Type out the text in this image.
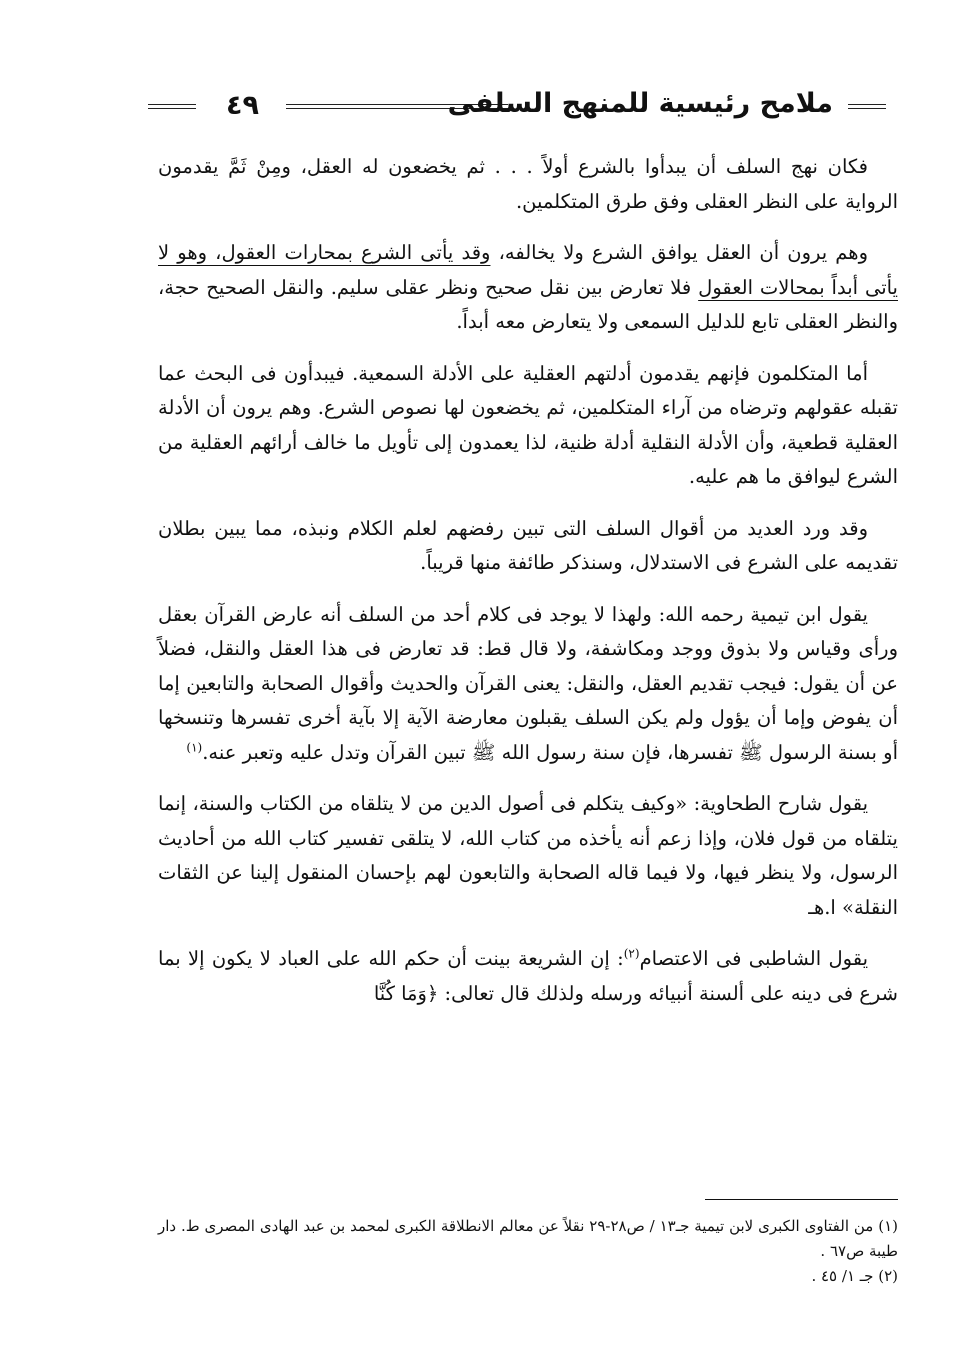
٤٩	ملامح رئيسية للمنهج السلفى

فكان نهج السلف أن يبدأوا بالشرع أولاً . . . ثم يخضعون له العقل، ومِنْ ثَمَّ يقدمون الرواية على النظر العقلى وفق طرق المتكلمين.

وهم يرون أن العقل يوافق الشرع ولا يخالفه، وقد يأتى الشرع بمحارات العقول، وهو لا يأتى أبداً بمحالات العقول فلا تعارض بين نقل صحيح ونظر عقلى سليم. والنقل الصحيح حجة، والنظر العقلى تابع للدليل السمعى ولا يتعارض معه أبداً.

أما المتكلمون فإنهم يقدمون أدلتهم العقلية على الأدلة السمعية. فيبدأون فى البحث عما تقبله عقولهم وترضاه من آراء المتكلمين، ثم يخضعون لها نصوص الشرع. وهم يرون أن الأدلة العقلية قطعية، وأن الأدلة النقلية أدلة ظنية، لذا يعمدون إلى تأويل ما خالف أرائهم العقلية من الشرع ليوافق ما هم عليه.

وقد ورد العديد من أقوال السلف التى تبين رفضهم لعلم الكلام ونبذه، مما يبين بطلان تقديمه على الشرع فى الاستدلال، وسنذكر طائفة منها قريباً.

يقول ابن تيمية رحمه الله: ولهذا لا يوجد فى كلام أحد من السلف أنه عارض القرآن بعقل ورأى وقياس ولا بذوق ووجد ومكاشفة، ولا قال قط: قد تعارض فى هذا العقل والنقل، فضلاً عن أن يقول: فيجب تقديم العقل، والنقل: يعنى القرآن والحديث وأقوال الصحابة والتابعين إما أن يفوض وإما أن يؤول ولم يكن السلف يقبلون معارضة الآية إلا بآية أخرى تفسرها وتنسخها أو بسنة الرسول ﷺ تفسرها، فإن سنة رسول الله ﷺ تبين القرآن وتدل عليه وتعبر عنه.$^{(١)}$

يقول شارح الطحاوية: «وكيف يتكلم فى أصول الدين من لا يتلقاه من الكتاب والسنة، إنما يتلقاه من قول فلان، وإذا زعم أنه يأخذه من كتاب الله، لا يتلقى تفسير كتاب الله من أحاديث الرسول، ولا ينظر فيها، ولا فيما قاله الصحابة والتابعون لهم بإحسان المنقول إلينا عن الثقات النقلة» ا.هـ

يقول الشاطبى فى الاعتصام$^{(٢)}$: إن الشريعة بينت أن حكم الله على العباد لا يكون إلا بما شرع فى دينه على ألسنة أنبيائه ورسله ولذلك قال تعالى: ﴿وَمَا كُنَّا

(١) من الفتاوى الكبرى لابن تيمية جـ١٣ / ص٢٨-٢٩ نقلاً عن معالم الانطلاقة الكبرى لمحمد بن عبد الهادى المصرى ط. دار طيبة ص٦٧ .
(٢) جـ ١/ ٤٥ .
